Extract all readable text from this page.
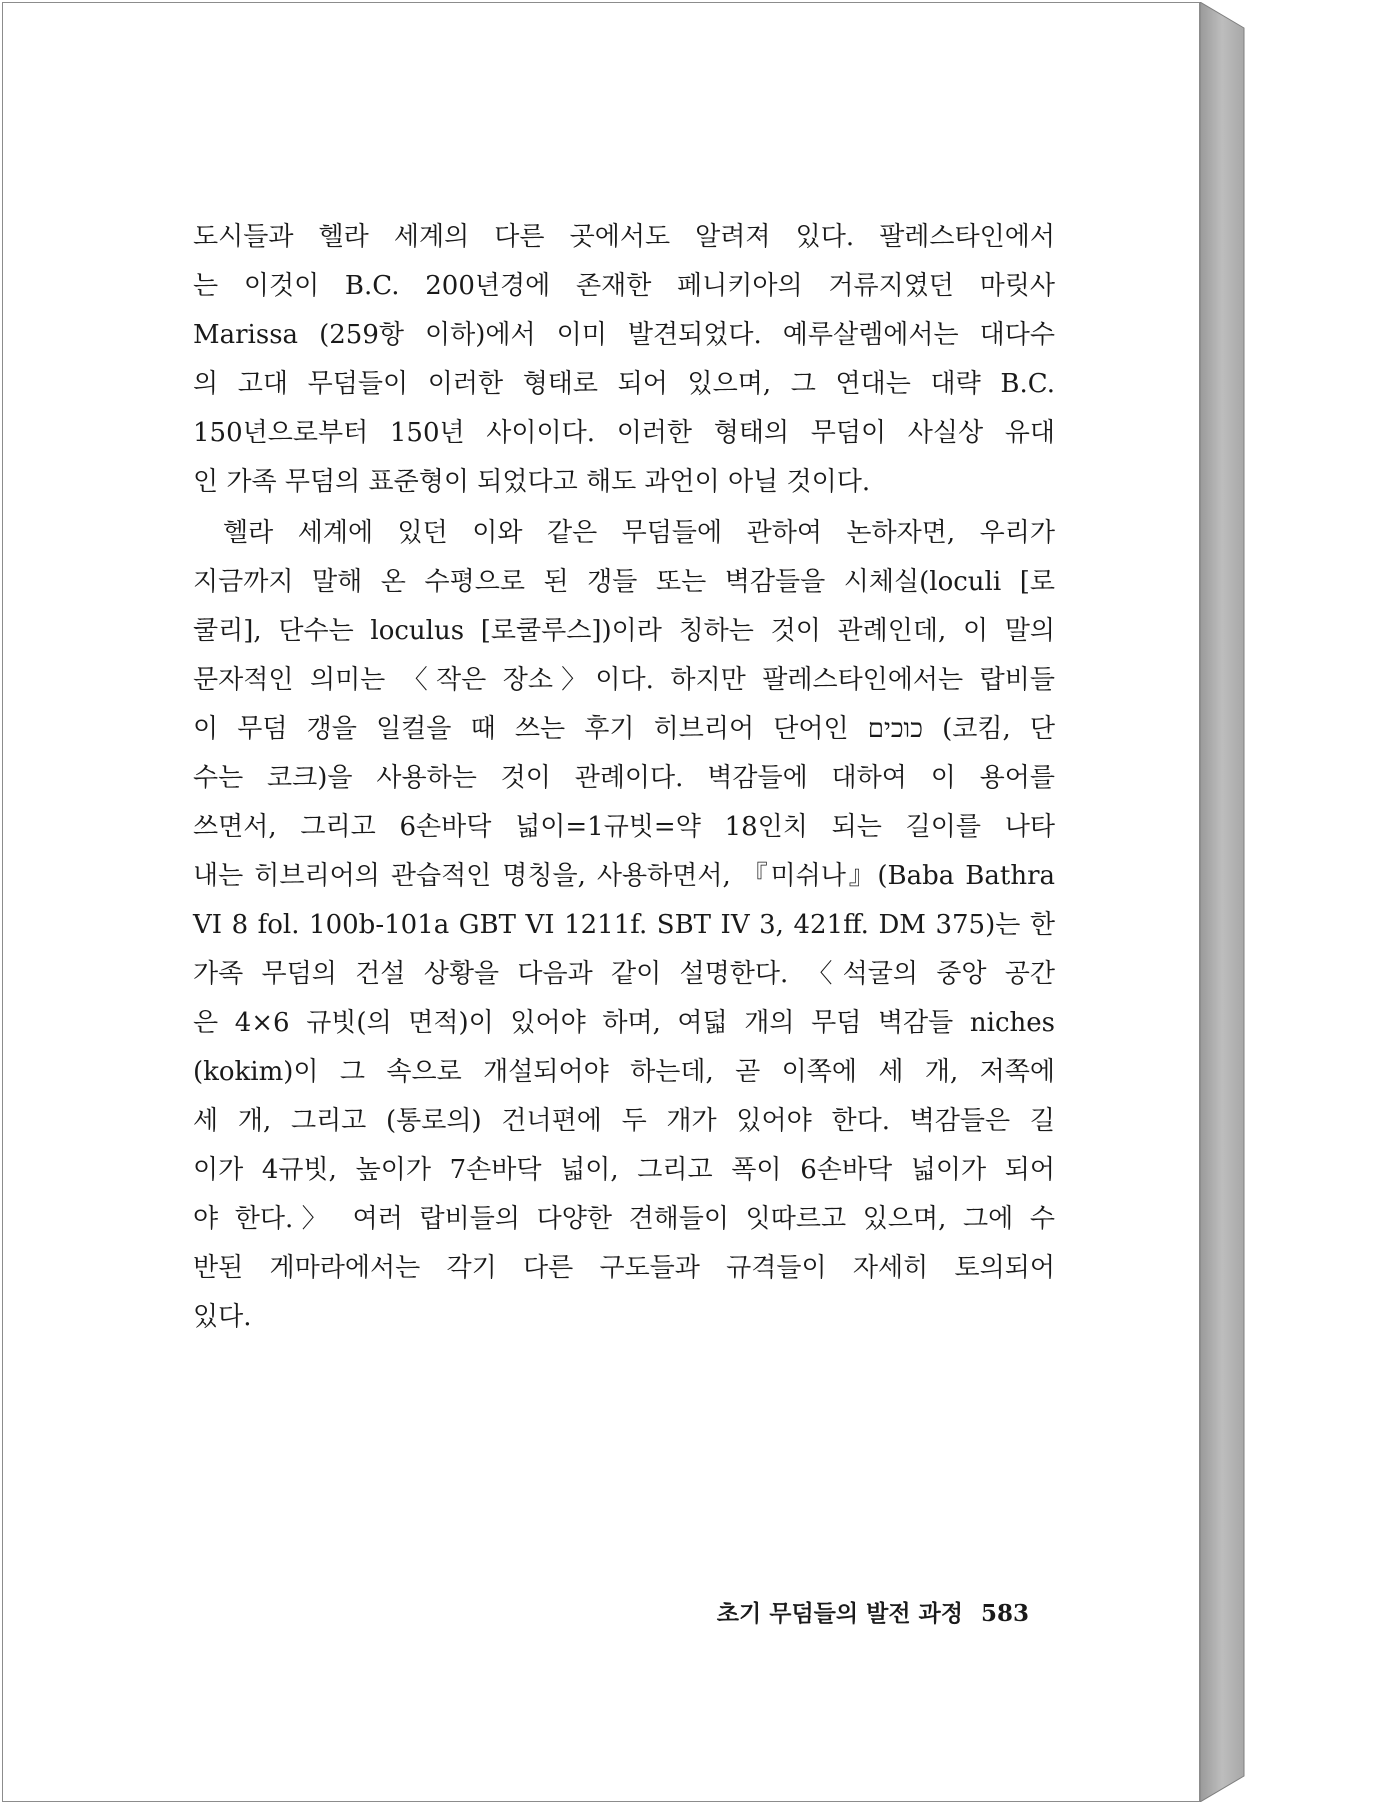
도시들과 헬라 세계의 다른 곳에서도 알려져 있다. 팔레스타인에서
는 이것이 B.C. 200년경에 존재한 페니키아의 거류지였던 마릿사
Marissa (259항 이하)에서 이미 발견되었다. 예루살렘에서는 대다수
의 고대 무덤들이 이러한 형태로 되어 있으며, 그 연대는 대략 B.C.
150년으로부터 150년 사이이다. 이러한 형태의 무덤이 사실상 유대
인 가족 무덤의 표준형이 되었다고 해도 과언이 아닐 것이다.
헬라 세계에 있던 이와 같은 무덤들에 관하여 논하자면, 우리가
지금까지 말해 온 수평으로 된 갱들 또는 벽감들을 시체실(loculi [로
쿨리], 단수는 loculus [로쿨루스])이라 칭하는 것이 관례인데, 이 말의
문자적인 의미는 〈작은 장소〉이다. 하지만 팔레스타인에서는 랍비들
이 무덤 갱을 일컬을 때 쓰는 후기 히브리어 단어인 כוכים (코킴, 단
수는 코크)을 사용하는 것이 관례이다. 벽감들에 대하여 이 용어를
쓰면서, 그리고 6손바닥 넓이=1규빗=약 18인치 되는 길이를 나타
내는 히브리어의 관습적인 명칭을, 사용하면서, 『미쉬나』(Baba Bathra
VI 8 fol. 100b-101a GBT VI 1211f. SBT IV 3, 421ff. DM 375)는 한
가족 무덤의 건설 상황을 다음과 같이 설명한다. 〈석굴의 중앙 공간
은 4×6 규빗(의 면적)이 있어야 하며, 여덟 개의 무덤 벽감들 niches
(kokim)이 그 속으로 개설되어야 하는데, 곧 이쪽에 세 개, 저쪽에
세 개, 그리고 (통로의) 건너편에 두 개가 있어야 한다. 벽감들은 길
이가 4규빗, 높이가 7손바닥 넓이, 그리고 폭이 6손바닥 넓이가 되어
야 한다.〉 여러 랍비들의 다양한 견해들이 잇따르고 있으며, 그에 수
반된 게마라에서는 각기 다른 구도들과 규격들이 자세히 토의되어
있다.
초기 무덤들의 발전 과정 583
